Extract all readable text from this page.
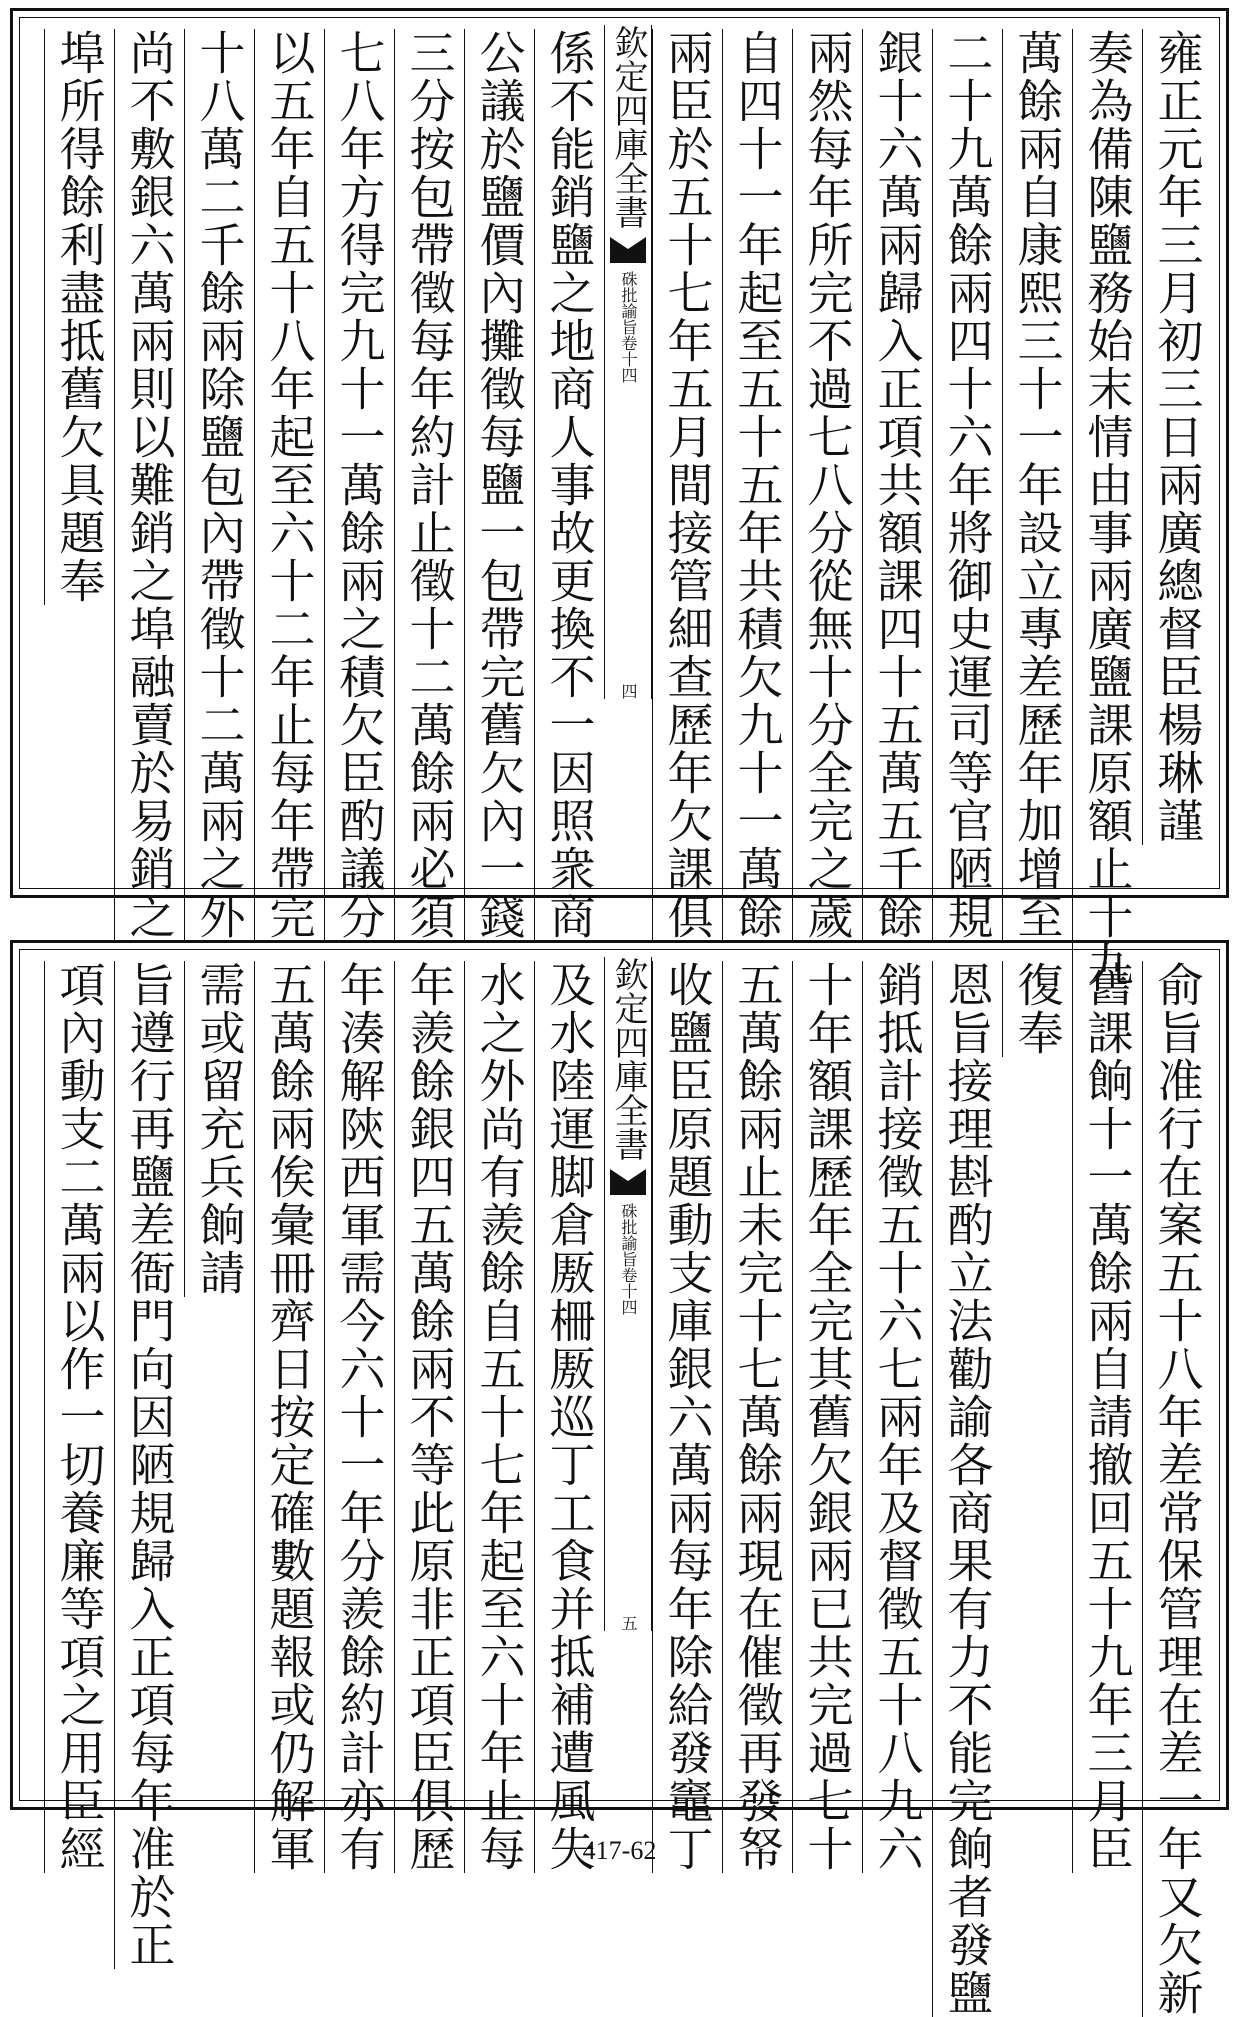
雍正元年三月初三日兩廣總督臣楊琳謹
奏為備陳鹽務始末情由事兩廣鹽課原額止十九
萬餘兩自康熙三十一年設立專差歷年加增至
二十九萬餘兩四十六年將御史運司等官陋規
銀十六萬兩歸入正項共額課四十五萬五千餘
兩然每年所完不過七八分從無十分全完之歲
自四十一年起至五十五年共積欠九十一萬餘
兩臣於五十七年五月間接管細查歷年欠課俱
欽定四庫全書
硃批諭旨卷十四
四
係不能銷鹽之地商人事故更換不一因照衆商
公議於鹽價內攤徵每鹽一包帶完舊欠內一錢
三分按包帶徵每年約計止徵十二萬餘兩必須
七八年方得完九十一萬餘兩之積欠臣酌議分
以五年自五十八年起至六十二年止每年帶完
十八萬二千餘兩除鹽包內帶徵十二萬兩之外
尚不敷銀六萬兩則以難銷之埠融賣於易銷之
埠所得餘利盡抵舊欠具題奉
俞旨准行在案五十八年差常保管理在差一年又欠新
舊課餉十一萬餘兩自請撤回五十九年三月臣
復奉
恩旨接理斟酌立法勸諭各商果有力不能完餉者發鹽
銷抵計接徵五十六七兩年及督徵五十八九六
十年額課歷年全完其舊欠銀兩已共完過七十
五萬餘兩止未完十七萬餘兩現在催徵再發帑
收鹽臣原題動支庫銀六萬兩每年除給發竈丁
欽定四庫全書
硃批諭旨卷十四
五
及水陸運脚倉厫柵厫巡丁工食并抵補遭風失
水之外尚有羨餘自五十七年起至六十年止每
年羨餘銀四五萬餘兩不等此原非正項臣俱歷
年湊解陝西軍需今六十一年分羨餘約計亦有
五萬餘兩俟彙冊齊日按定確數題報或仍解軍
需或留充兵餉請
旨遵行再鹽差衙門向因陋規歸入正項每年准於正
項內動支二萬兩以作一切養廉等項之用臣經	417-62
